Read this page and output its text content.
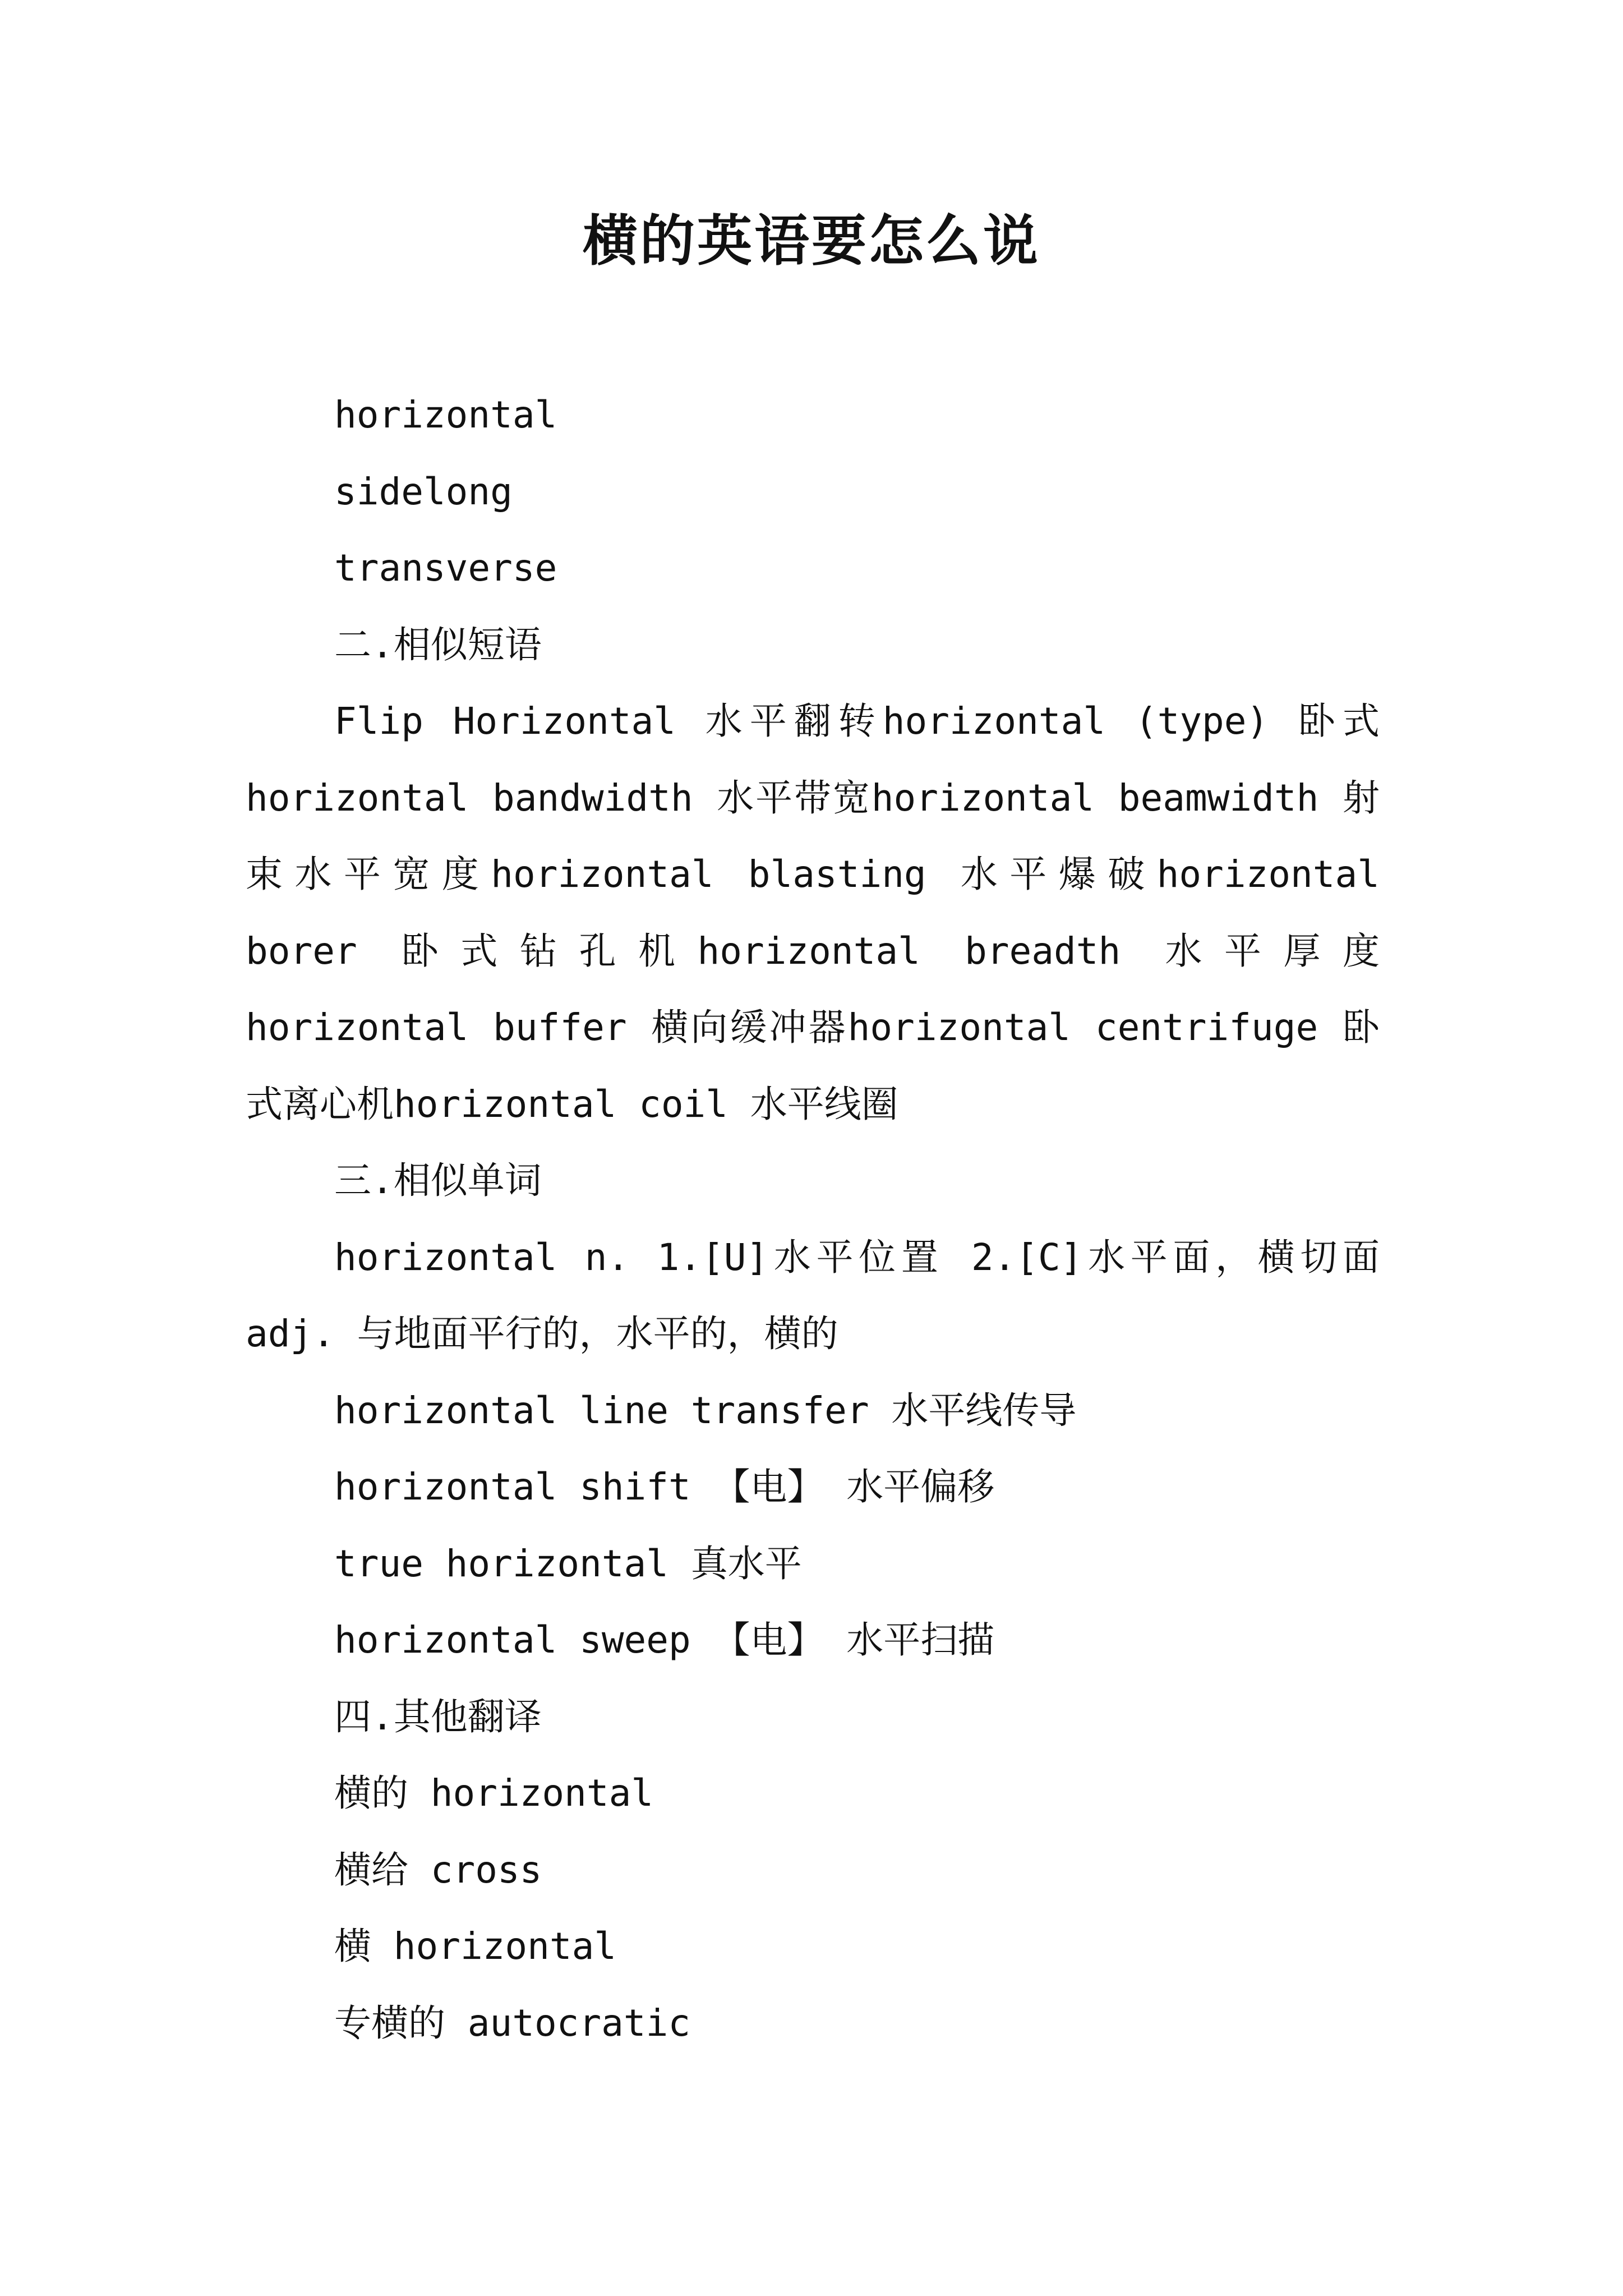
横的英语要怎么说
horizontal
sidelong
transverse
二.相似短语

Flip Horizontal 水平翻转horizontal (type) 卧式 horizontal bandwidth 水平带宽horizontal beamwidth 射束水平宽度horizontal blasting 水平爆破horizontal borer 卧式钻孔机horizontal breadth 水平厚度 horizontal buffer 横向缓冲器horizontal centrifuge 卧式离心机horizontal coil 水平线圈

三.相似单词

horizontal n. 1.[U]水平位置 2.[C]水平面，横切面 adj. 与地面平行的，水平的，横的

horizontal line transfer 水平线传导
horizontal shift 【电】 水平偏移
true horizontal 真水平
horizontal sweep 【电】 水平扫描
四.其他翻译
横的 horizontal
横给 cross
横 horizontal
专横的 autocratic
